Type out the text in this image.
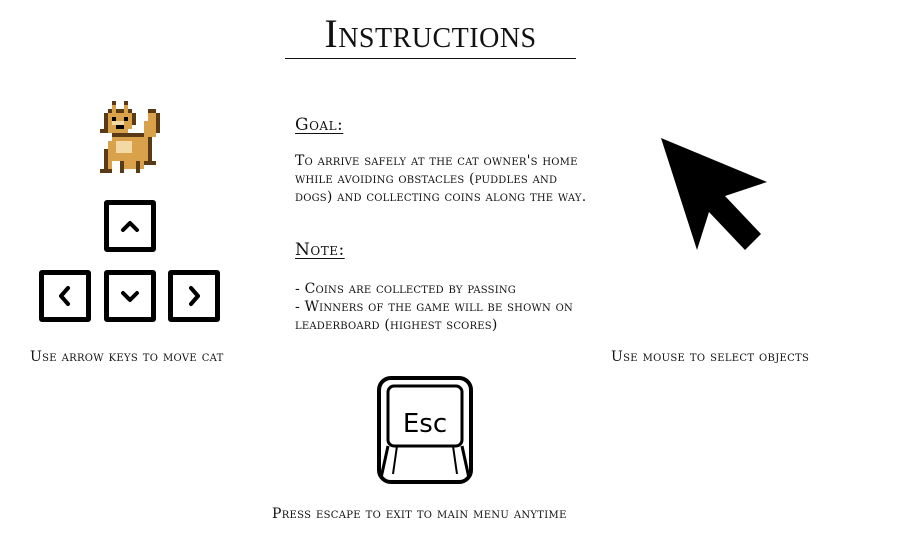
Instructions
Use arrow keys to move cat
Goal:
To arrive safely at the cat owner's home while avoiding obstacles (puddles and dogs) and collecting coins along the way.
Note:
- Coins are collected by passing
- Winners of the game will be shown on leaderboard (highest scores)
Use mouse to select objects
Esc
Press escape to exit to main menu anytime
